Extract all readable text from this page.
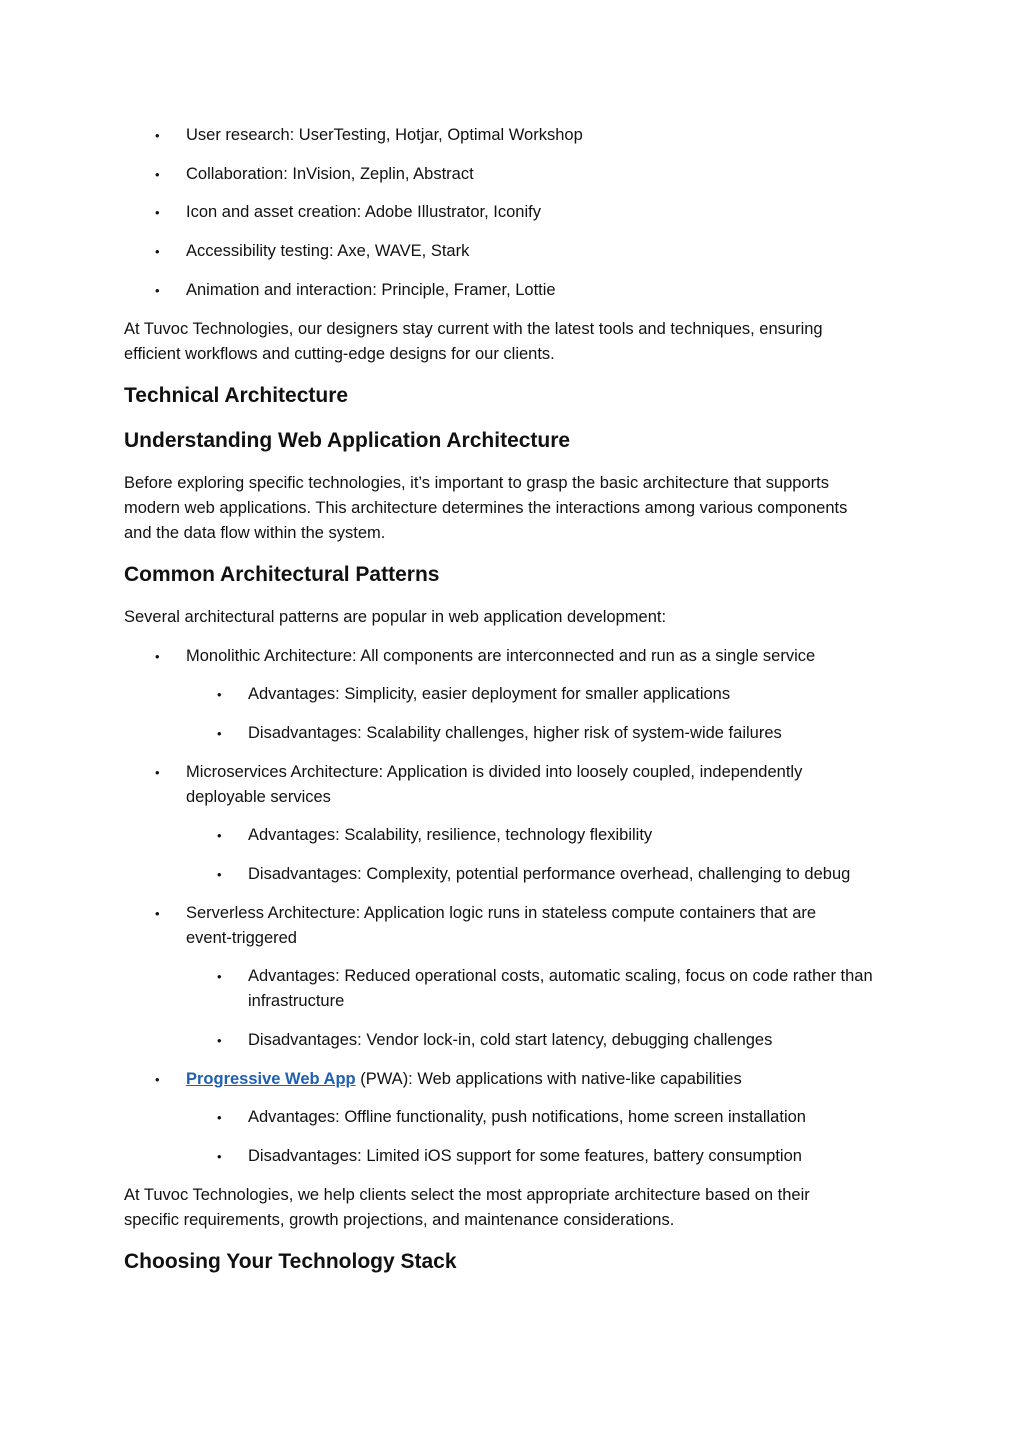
• User research: UserTesting, Hotjar, Optimal Workshop

• Collaboration: InVision, Zeplin, Abstract

• Icon and asset creation: Adobe Illustrator, Iconify

• Accessibility testing: Axe, WAVE, Stark

• Animation and interaction: Principle, Framer, Lottie

At Tuvoc Technologies, our designers stay current with the latest tools and techniques, ensuring

efficient workflows and cutting-edge designs for our clients.

Technical Architecture
Understanding Web Application Architecture

Before exploring specific technologies, it’s important to grasp the basic architecture that supports

modern web applications. This architecture determines the interactions among various components

and the data flow within the system.

Common Architectural Patterns

Several architectural patterns are popular in web application development:

• Monolithic Architecture: All components are interconnected and run as a single service

• Advantages: Simplicity, easier deployment for smaller applications

• Disadvantages: Scalability challenges, higher risk of system-wide failures

• Microservices Architecture: Application is divided into loosely coupled, independently

deployable services

• Advantages: Scalability, resilience, technology flexibility

• Disadvantages: Complexity, potential performance overhead, challenging to debug

• Serverless Architecture: Application logic runs in stateless compute containers that are

event-triggered

• Advantages: Reduced operational costs, automatic scaling, focus on code rather than

infrastructure

• Disadvantages: Vendor lock-in, cold start latency, debugging challenges

• Progressive Web App (PWA): Web applications with native-like capabilities

• Advantages: Offline functionality, push notifications, home screen installation

• Disadvantages: Limited iOS support for some features, battery consumption

At Tuvoc Technologies, we help clients select the most appropriate architecture based on their

specific requirements, growth projections, and maintenance considerations.

Choosing Your Technology Stack
